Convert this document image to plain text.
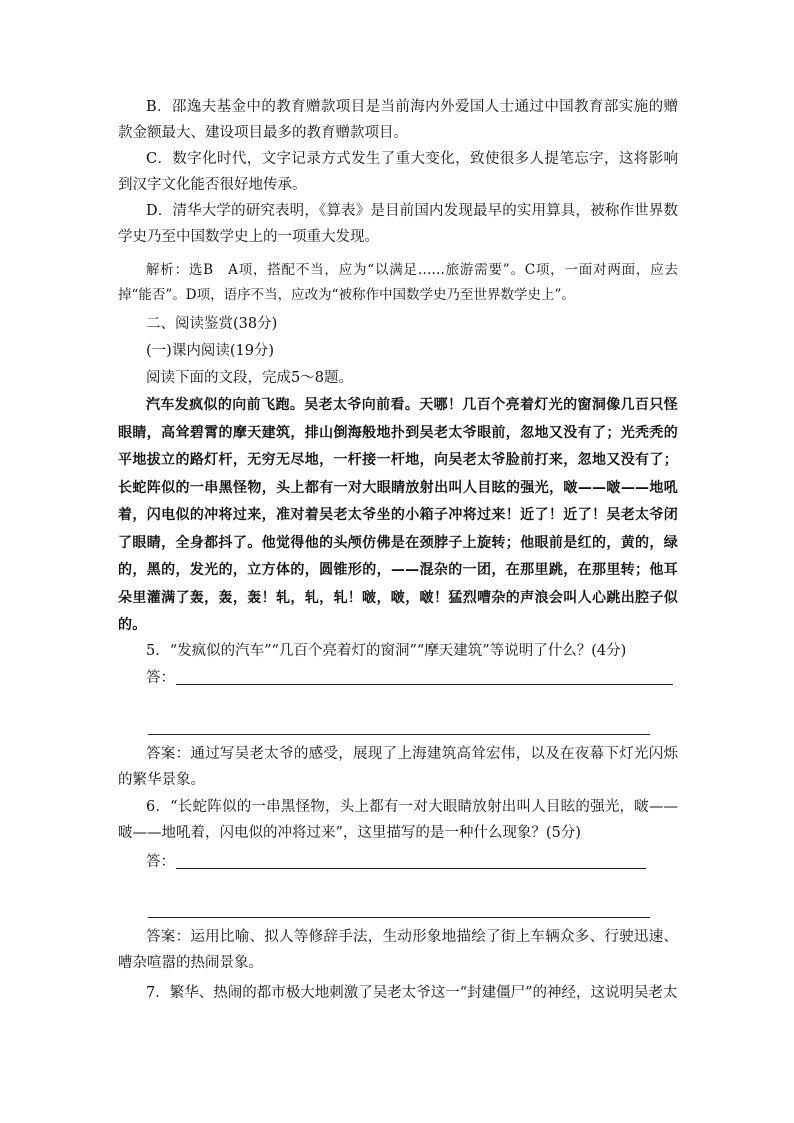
B．邵逸夫基金中的教育赠款项目是当前海内外爱国人士通过中国教育部实施的赠款金额最大、建设项目最多的教育赠款项目。

C．数字化时代，文字记录方式发生了重大变化，致使很多人提笔忘字，这将影响到汉字文化能否很好地传承。

D．清华大学的研究表明，《算表》是目前国内发现最早的实用算具，被称作世界数学史乃至中国数学史上的一项重大发现。

解析：选B　A项，搭配不当，应为“以满足……旅游需要”。C项，一面对两面，应去掉“能否”。D项，语序不当，应改为“被称作中国数学史乃至世界数学史上”。

二、阅读鉴赏(38分)
(一)课内阅读(19分)
阅读下面的文段，完成5～8题。

汽车发疯似的向前飞跑。吴老太爷向前看。天哪！几百个亮着灯光的窗洞像几百只怪眼睛，高耸碧霄的摩天建筑，排山倒海般地扑到吴老太爷眼前，忽地又没有了；光秃秃的平地拔立的路灯杆，无穷无尽地，一杆接一杆地，向吴老太爷脸前打来，忽地又没有了；长蛇阵似的一串黑怪物，头上都有一对大眼睛放射出叫人目眩的强光，啵——啵——地吼着，闪电似的冲将过来，准对着吴老太爷坐的小箱子冲将过来！近了！近了！吴老太爷闭了眼睛，全身都抖了。他觉得他的头颅仿佛是在颈脖子上旋转；他眼前是红的，黄的，绿的，黑的，发光的，立方体的，圆锥形的，——混杂的一团，在那里跳，在那里转；他耳朵里灌满了轰，轰，轰！轧，轧，轧！啵，啵，啵！猛烈嘈杂的声浪会叫人心跳出腔子似的。

5．“发疯似的汽车”“几百个亮着灯的窗洞”“摩天建筑”等说明了什么？(4分)

答：

答案：通过写吴老太爷的感受，展现了上海建筑高耸宏伟，以及在夜幕下灯光闪烁的繁华景象。

6．“长蛇阵似的一串黑怪物，头上都有一对大眼睛放射出叫人目眩的强光，啵——啵——地吼着，闪电似的冲将过来”，这里描写的是一种什么现象？(5分)

答：

答案：运用比喻、拟人等修辞手法，生动形象地描绘了街上车辆众多、行驶迅速、嘈杂喧嚣的热闹景象。

7．繁华、热闹的都市极大地刺激了吴老太爷这一“封建僵尸”的神经，这说明吴老太
